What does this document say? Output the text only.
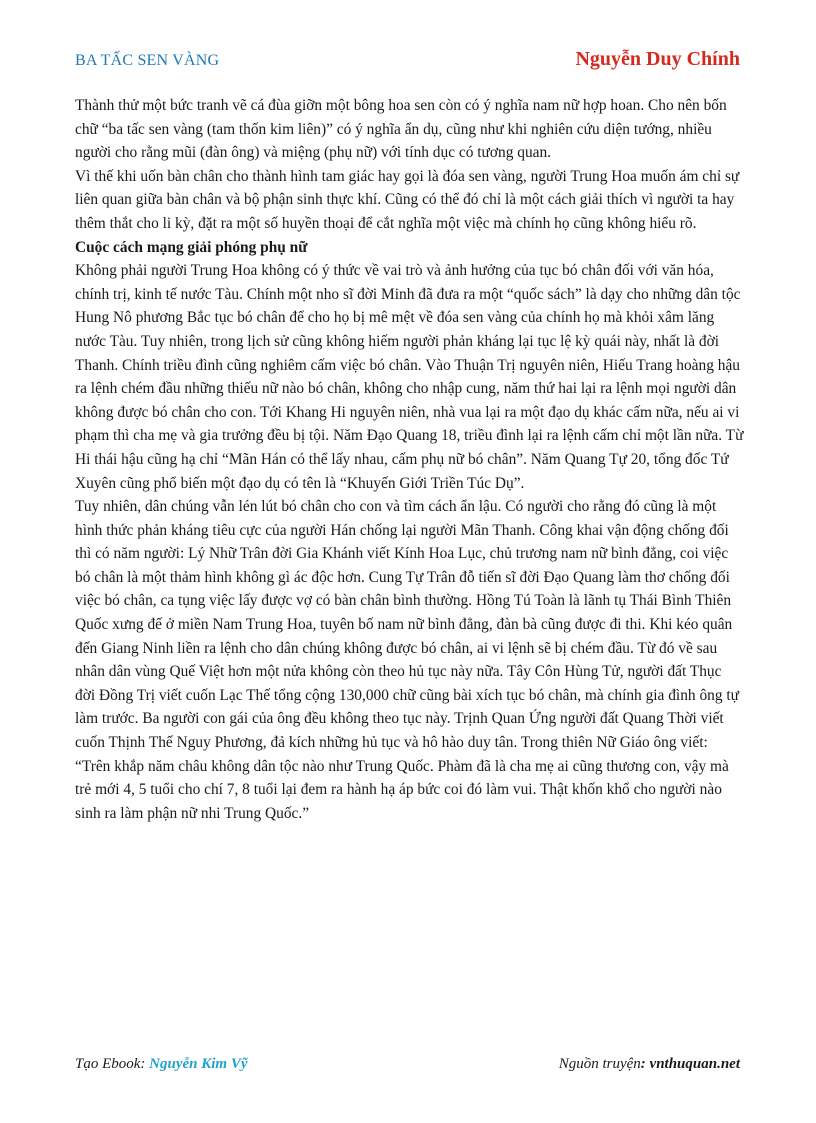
BA TẤC SEN VÀNG	Nguyễn Duy Chính

Thành thử một bức tranh vẽ cá đùa giỡn một bông hoa sen còn có ý nghĩa nam nữ hợp hoan. Cho nên bốn chữ “ba tấc sen vàng (tam thốn kim liên)” có ý nghĩa ẩn dụ, cũng như khi nghiên cứu diện tướng, nhiều người cho rằng mũi (đàn ông) và miệng (phụ nữ) với tính dục có tương quan.

Vì thế khi uốn bàn chân cho thành hình tam giác hay gọi là đóa sen vàng, người Trung Hoa muốn ám chỉ sự liên quan giữa bàn chân và bộ phận sinh thực khí. Cũng có thể đó chỉ là một cách giải thích vì người ta hay thêm thắt cho li kỳ, đặt ra một số huyền thoại để cắt nghĩa một việc mà chính họ cũng không hiểu rõ.

Cuộc cách mạng giải phóng phụ nữ

Không phải người Trung Hoa không có ý thức về vai trò và ảnh hưởng của tục bó chân đối với văn hóa, chính trị, kinh tế nước Tàu. Chính một nho sĩ đời Minh đã đưa ra một “quốc sách” là dạy cho những dân tộc Hung Nô phương Bắc tục bó chân để cho họ bị mê mệt về đóa sen vàng của chính họ mà khỏi xâm lăng nước Tàu. Tuy nhiên, trong lịch sử cũng không hiếm người phản kháng lại tục lệ kỳ quái này, nhất là đời Thanh. Chính triều đình cũng nghiêm cấm việc bó chân. Vào Thuận Trị nguyên niên, Hiếu Trang hoàng hậu ra lệnh chém đầu những thiếu nữ nào bó chân, không cho nhập cung, năm thứ hai lại ra lệnh mọi người dân không được bó chân cho con. Tới Khang Hi nguyên niên, nhà vua lại ra một đạo dụ khác cấm nữa, nếu ai vi phạm thì cha mẹ và gia trưởng đều bị tội. Năm Đạo Quang 18, triều đình lại ra lệnh cấm chỉ một lần nữa. Từ Hi thái hậu cũng hạ chỉ “Mãn Hán có thể lấy nhau, cấm phụ nữ bó chân”. Năm Quang Tự 20, tổng đốc Tứ Xuyên cũng phổ biến một đạo dụ có tên là “Khuyến Giới Triền Túc Dụ”.

Tuy nhiên, dân chúng vẫn lén lút bó chân cho con và tìm cách ẩn lậu. Có người cho rằng đó cũng là một hình thức phản kháng tiêu cực của người Hán chống lại người Mãn Thanh. Công khai vận động chống đối thì có năm người: Lý Nhữ Trân đời Gia Khánh viết Kính Hoa Lục, chủ trương nam nữ bình đẳng, coi việc bó chân là một thảm hình không gì ác độc hơn. Cung Tự Trân đỗ tiến sĩ đời Đạo Quang làm thơ chống đối việc bó chân, ca tụng việc lấy được vợ có bàn chân bình thường. Hồng Tú Toàn là lãnh tụ Thái Bình Thiên Quốc xưng đế ở miền Nam Trung Hoa, tuyên bố nam nữ bình đẳng, đàn bà cũng được đi thi. Khi kéo quân đến Giang Ninh liền ra lệnh cho dân chúng không được bó chân, ai vi lệnh sẽ bị chém đầu. Từ đó về sau nhân dân vùng Quế Việt hơn một nửa không còn theo hủ tục này nữa. Tây Côn Hùng Tử, người đất Thục đời Đồng Trị viết cuốn Lạc Thế tổng cộng 130,000 chữ cũng bài xích tục bó chân, mà chính gia đình ông tự làm trước. Ba người con gái của ông đều không theo tục này. Trịnh Quan Ứng người đất Quang Thời viết cuốn Thịnh Thế Nguy Phương, đả kích những hủ tục và hô hào duy tân. Trong thiên Nữ Giáo ông viết: “Trên khắp năm châu không dân tộc nào như Trung Quốc. Phàm đã là cha mẹ ai cũng thương con, vậy mà trẻ mới 4, 5 tuổi cho chí 7, 8 tuổi lại đem ra hành hạ áp bức coi đó làm vui. Thật khốn khổ cho người nào sinh ra làm phận nữ nhi Trung Quốc.”

Tạo Ebook: Nguyễn Kim Vỹ	Nguồn truyện: vnthuquan.net
